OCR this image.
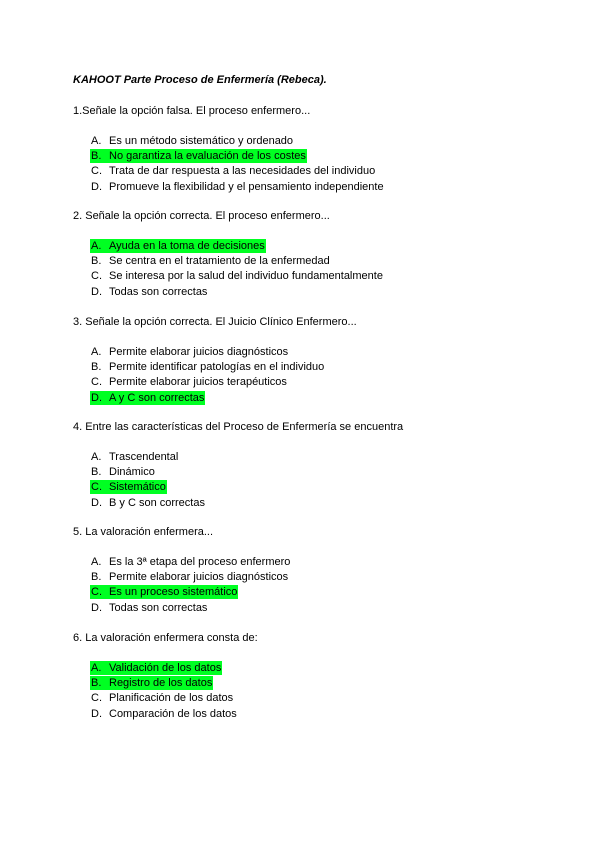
KAHOOT Parte Proceso de Enfermería (Rebeca).
1.Señale la opción falsa. El proceso enfermero...
A. Es un método sistemático y ordenado
B. No garantiza la evaluación de los costes
C. Trata de dar respuesta a las necesidades del individuo
D. Promueve la flexibilidad y el pensamiento independiente
2. Señale la opción correcta. El proceso enfermero...
A. Ayuda en la toma de decisiones
B. Se centra en el tratamiento de la enfermedad
C. Se interesa por la salud del individuo fundamentalmente
D. Todas son correctas
3. Señale la opción correcta. El Juicio Clínico Enfermero...
A. Permite elaborar juicios diagnósticos
B. Permite identificar patologías en el individuo
C. Permite elaborar juicios terapéuticos
D. A y C son correctas
4. Entre las características del Proceso de Enfermería se encuentra
A. Trascendental
B. Dinámico
C. Sistemático
D. B y C son correctas
5. La valoración enfermera...
A. Es la 3ª etapa del proceso enfermero
B. Permite elaborar juicios diagnósticos
C. Es un proceso sistemático
D. Todas son correctas
6. La valoración enfermera consta de:
A. Validación de los datos
B. Registro de los datos
C. Planificación de los datos
D. Comparación de los datos
